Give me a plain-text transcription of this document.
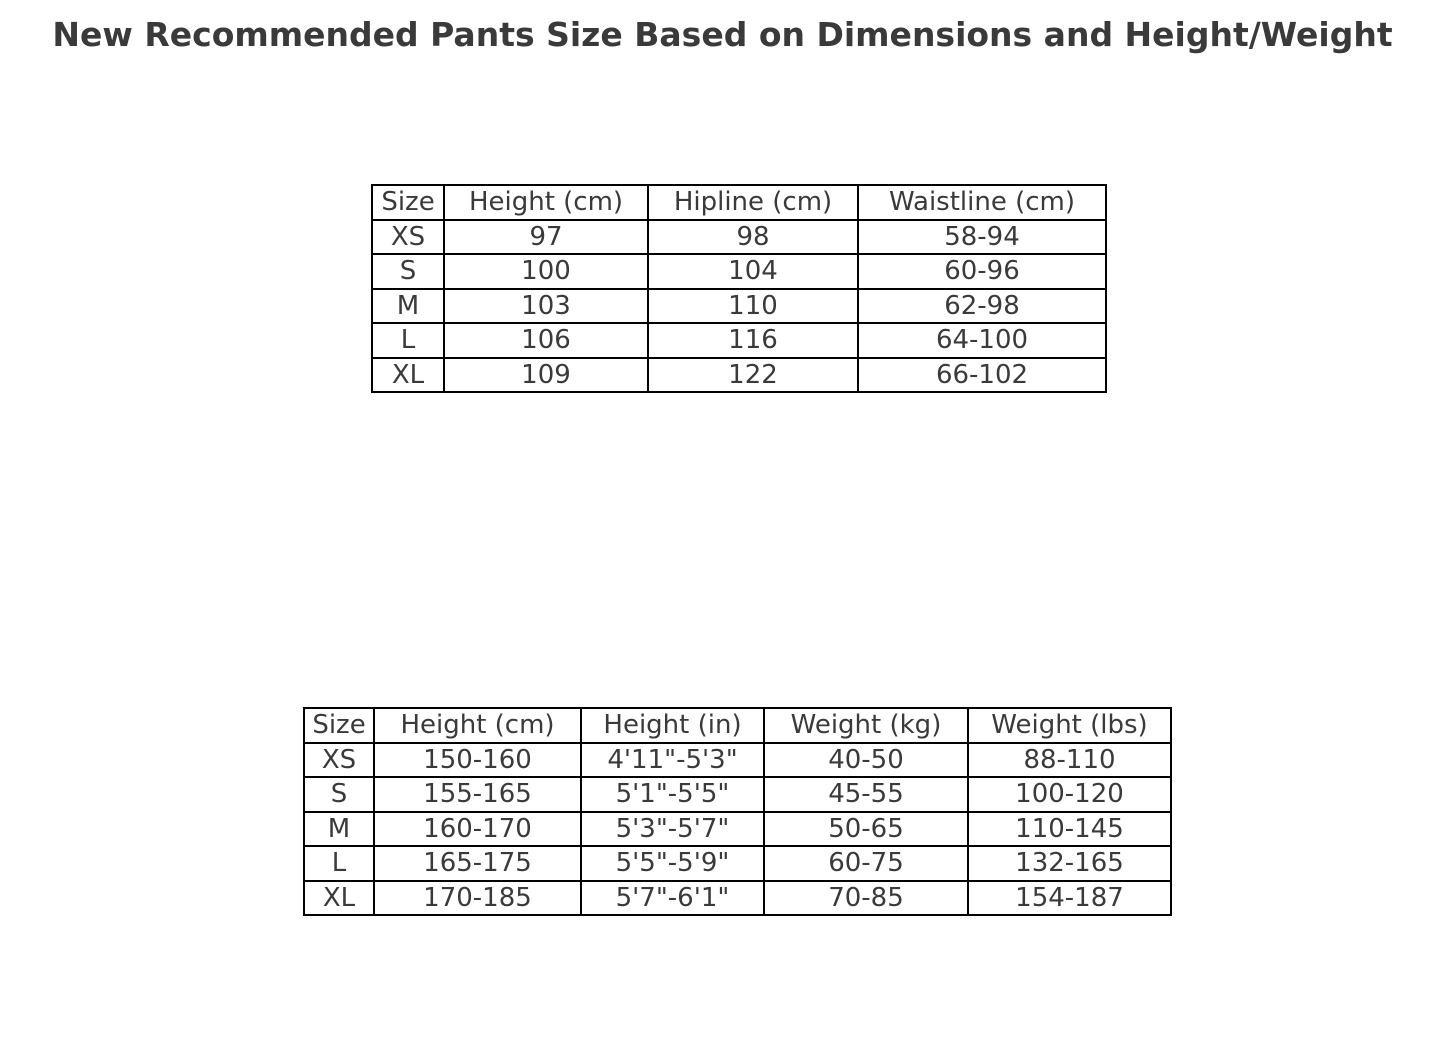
New Recommended Pants Size Based on Dimensions and Height/Weight
Size	Height (cm)	Hipline (cm)	Waistline (cm)
XS	97	98	58-94
S	100	104	60-96
M	103	110	62-98
L	106	116	64-100
XL	109	122	66-102
Size	Height (cm)	Height (in)	Weight (kg)	Weight (lbs)
XS	150-160	4'11"-5'3"	40-50	88-110
S	155-165	5'1"-5'5"	45-55	100-120
M	160-170	5'3"-5'7"	50-65	110-145
L	165-175	5'5"-5'9"	60-75	132-165
XL	170-185	5'7"-6'1"	70-85	154-187
